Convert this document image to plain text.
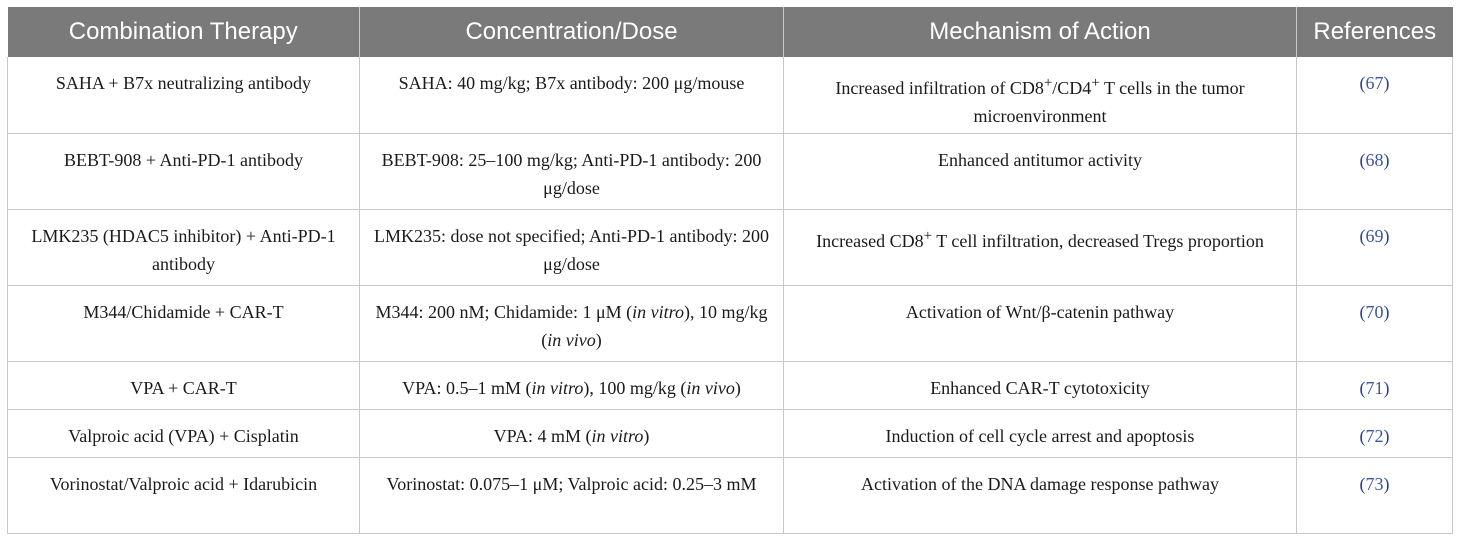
Combination Therapy	Concentration/Dose	Mechanism of Action	References
SAHA + B7x neutralizing antibody	SAHA: 40 mg/kg; B7x antibody: 200 μg/mouse	Increased infiltration of CD8+/CD4+ T cells in the tumor microenvironment	(67)
BEBT-908 + Anti-PD-1 antibody	BEBT-908: 25–100 mg/kg; Anti-PD-1 antibody: 200 μg/dose	Enhanced antitumor activity	(68)
LMK235 (HDAC5 inhibitor) + Anti-PD-1 antibody	LMK235: dose not specified; Anti-PD-1 antibody: 200 μg/dose	Increased CD8+ T cell infiltration, decreased Tregs proportion	(69)
M344/Chidamide + CAR-T	M344: 200 nM; Chidamide: 1 μM (in vitro), 10 mg/kg (in vivo)	Activation of Wnt/β-catenin pathway	(70)
VPA + CAR-T	VPA: 0.5–1 mM (in vitro), 100 mg/kg (in vivo)	Enhanced CAR-T cytotoxicity	(71)
Valproic acid (VPA) + Cisplatin	VPA: 4 mM (in vitro)	Induction of cell cycle arrest and apoptosis	(72)
Vorinostat/Valproic acid + Idarubicin	Vorinostat: 0.075–1 μM; Valproic acid: 0.25–3 mM	Activation of the DNA damage response pathway	(73)
